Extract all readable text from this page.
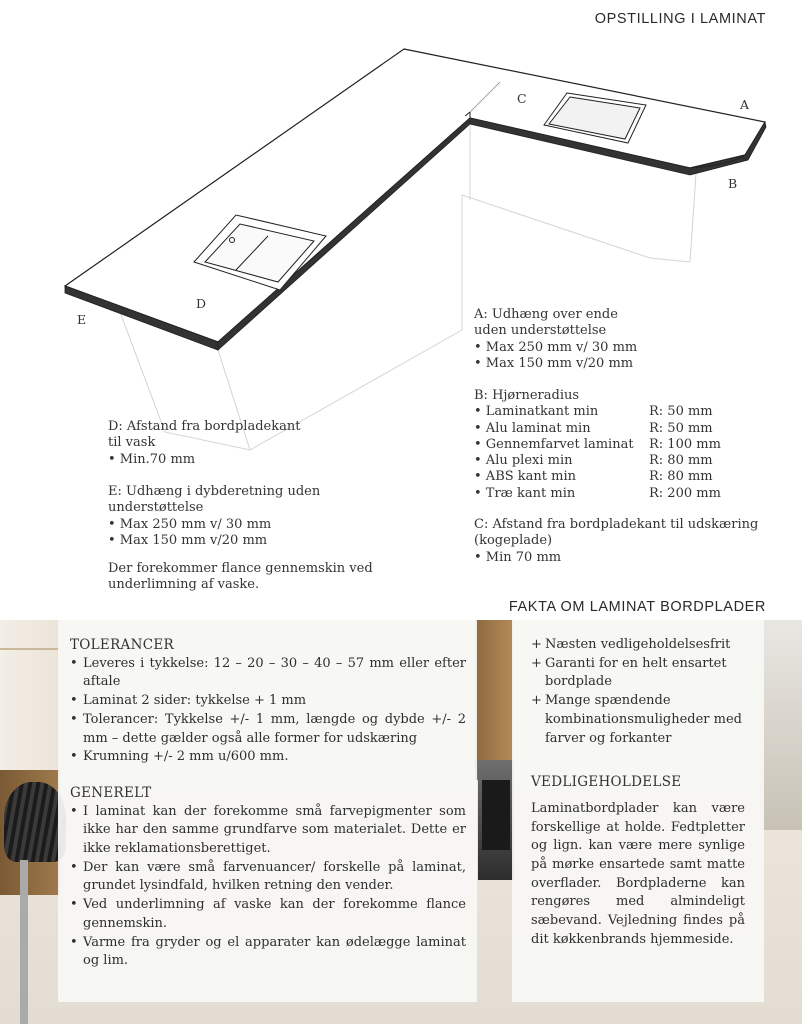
OPSTILLING I LAMINAT
A
B
C
D
E
D: Afstand fra bordpladekant
til vask
• Min.70 mm
E: Udhæng i dybderetning uden
understøttelse
• Max 250 mm v/ 30 mm
• Max 150 mm v/20 mm
Der forekommer flance gennemskin ved
underlimning af vaske.
A: Udhæng over ende
uden understøttelse
• Max 250 mm v/ 30 mm
• Max 150 mm v/20 mm
B: Hjørneradius
• Laminatkant min	R: 50 mm
• Alu laminat min	R: 50 mm
• Gennemfarvet laminat	R: 100 mm
• Alu plexi min	R: 80 mm
• ABS kant min	R: 80 mm
• Træ kant min	R: 200 mm
C: Afstand fra bordpladekant til udskæring
(kogeplade)
• Min 70 mm
FAKTA OM LAMINAT BORDPLADER
TOLERANCER
• Leveres i tykkelse: 12 – 20 – 30 – 40 – 57 mm eller efter aftale
• Laminat 2 sider: tykkelse + 1 mm
• Tolerancer: Tykkelse +/- 1 mm, længde og dybde +/- 2 mm – dette gælder også alle former for udskæring
• Krumning +/- 2 mm u/600 mm.
GENERELT
• I laminat kan der forekomme små farvepigmenter som ikke har den samme grundfarve som materialet. Dette er ikke reklamationsberettiget.
• Der kan være små farvenuancer/ forskelle på laminat, grundet lysindfald, hvilken retning den vender.
• Ved underlimning af vaske kan der forekomme flance gennemskin.
• Varme fra gryder og el apparater kan ødelægge laminat og lim.
+ Næsten vedligeholdelsesfrit
+ Garanti for en helt ensartet bordplade
+ Mange spændende kombinationsmuligheder med farver og forkanter
VEDLIGEHOLDELSE
Laminatbordplader kan være forskellige at holde. Fedtpletter og lign. kan være mere synlige på mørke ensartede samt matte overflader. Bordpladerne kan rengøres med almindeligt sæbevand. Vejledning findes på dit køkkenbrands hjemmeside.
